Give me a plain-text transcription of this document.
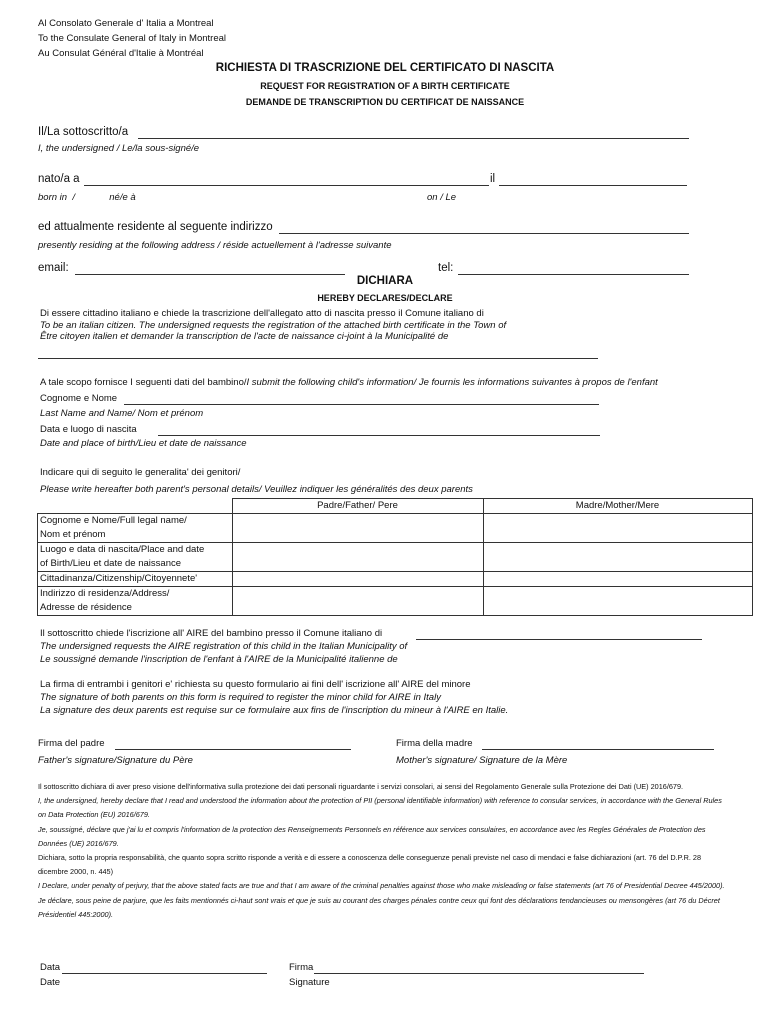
Al Consolato Generale d' Italia a Montreal
To the Consulate General of Italy in Montreal
Au Consulat Général d'Italie à Montréal
RICHIESTA DI TRASCRIZIONE DEL CERTIFICATO DI NASCITA
REQUEST FOR REGISTRATION OF A BIRTH CERTIFICATE
DEMANDE DE TRANSCRIPTION DU CERTIFICAT DE NAISSANCE
Il/La sottoscritto/a
I, the undersigned / Le/la sous-signé/e
nato/a a	il
born in  /             né/e à	on / Le
ed attualmente residente al seguente indirizzo
presently residing at the following address / réside actuellement à l'adresse suivante
email:	tel:
DICHIARA
HEREBY DECLARES/DECLARE
Di essere cittadino italiano e chiede la trascrizione dell'allegato atto di nascita presso il Comune italiano di
To be an italian citizen. The undersigned requests the registration of the attached birth certificate in the Town of
Être citoyen italien et demander la transcription de l'acte de naissance ci-joint à la Municipalité de
A tale scopo fornisce I seguenti dati del bambino/I submit the following child's information/ Je fournis les informations suivantes à propos de l'enfant
Cognome e Nome
Last Name and Name/ Nom et prénom
Data e luogo di nascita
Date and place of birth/Lieu et date de naissance
Indicare qui di seguito le generalita' dei genitori/
Please write hereafter both parent's personal details/ Veuillez indiquer les généralités des deux parents
	Padre/Father/ Pere	Madre/Mother/Mere

Cognome e Nome/Full legal name/
Nom et prénom		

Luogo e data di nascita/Place and date
of Birth/Lieu et date de naissance		

Cittadinanza/Citizenship/Citoyennete'		

Indirizzo di residenza/Address/
Adresse de résidence		

Il sottoscritto chiede l'iscrizione all' AIRE del bambino presso il Comune italiano di
The undersigned requests the AIRE registration of this child in the Italian Municipality of
Le soussigné demande l'inscription de l'enfant à l'AIRE de la Municipalité italienne de
La firma di entrambi i genitori e' richiesta su questo formulario ai fini dell' iscrizione all' AIRE del minore
The signature of both parents on this form is required to register the minor child for AIRE in Italy
La signature des deux parents est requise sur ce formulaire aux fins de l'inscription du mineur à l'AIRE en Italie.
Firma del padre
Father's signature/Signature du Père
Firma della madre
Mother's signature/ Signature de la Mère
Il sottoscritto dichiara di aver preso visione dell'informativa sulla protezione dei dati personali riguardante i servizi consolari, ai sensi del Regolamento Generale sulla Protezione dei Dati (UE) 2016/679.
I, the undersigned, hereby declare that I read and understood the information about the protection of PII (personal identifiable information) with reference to consular services, in accordance with the General Rules on Data Protection (EU) 2016/679.
Je, soussigné, déclare que j'ai lu et compris l'information de la protection des Renseignements Personnels en référence aux services consulaires, en accordance avec les Regles Générales de Protection des Données (UE) 2016/679.
Dichiara, sotto la propria responsabilità, che quanto sopra scritto risponde a verità e di essere a conoscenza delle conseguenze penali previste nel caso di mendaci e false dichiarazioni (art. 76 del D.P.R. 28 dicembre 2000, n. 445)
I Declare, under penalty of perjury, that the above stated facts are true and that I am aware of the criminal penalties against those who make misleading or false statements (art 76 of Presidential Decree 445/2000).
Je déclare, sous peine de parjure, que les faits mentionnés ci-haut sont vrais et que je suis au courant des charges pénales contre ceux qui font des déclarations tendancieuses ou mensongères (art 76 du Décret Présidentiel 445:2000).
Data
Date
Firma
Signature
